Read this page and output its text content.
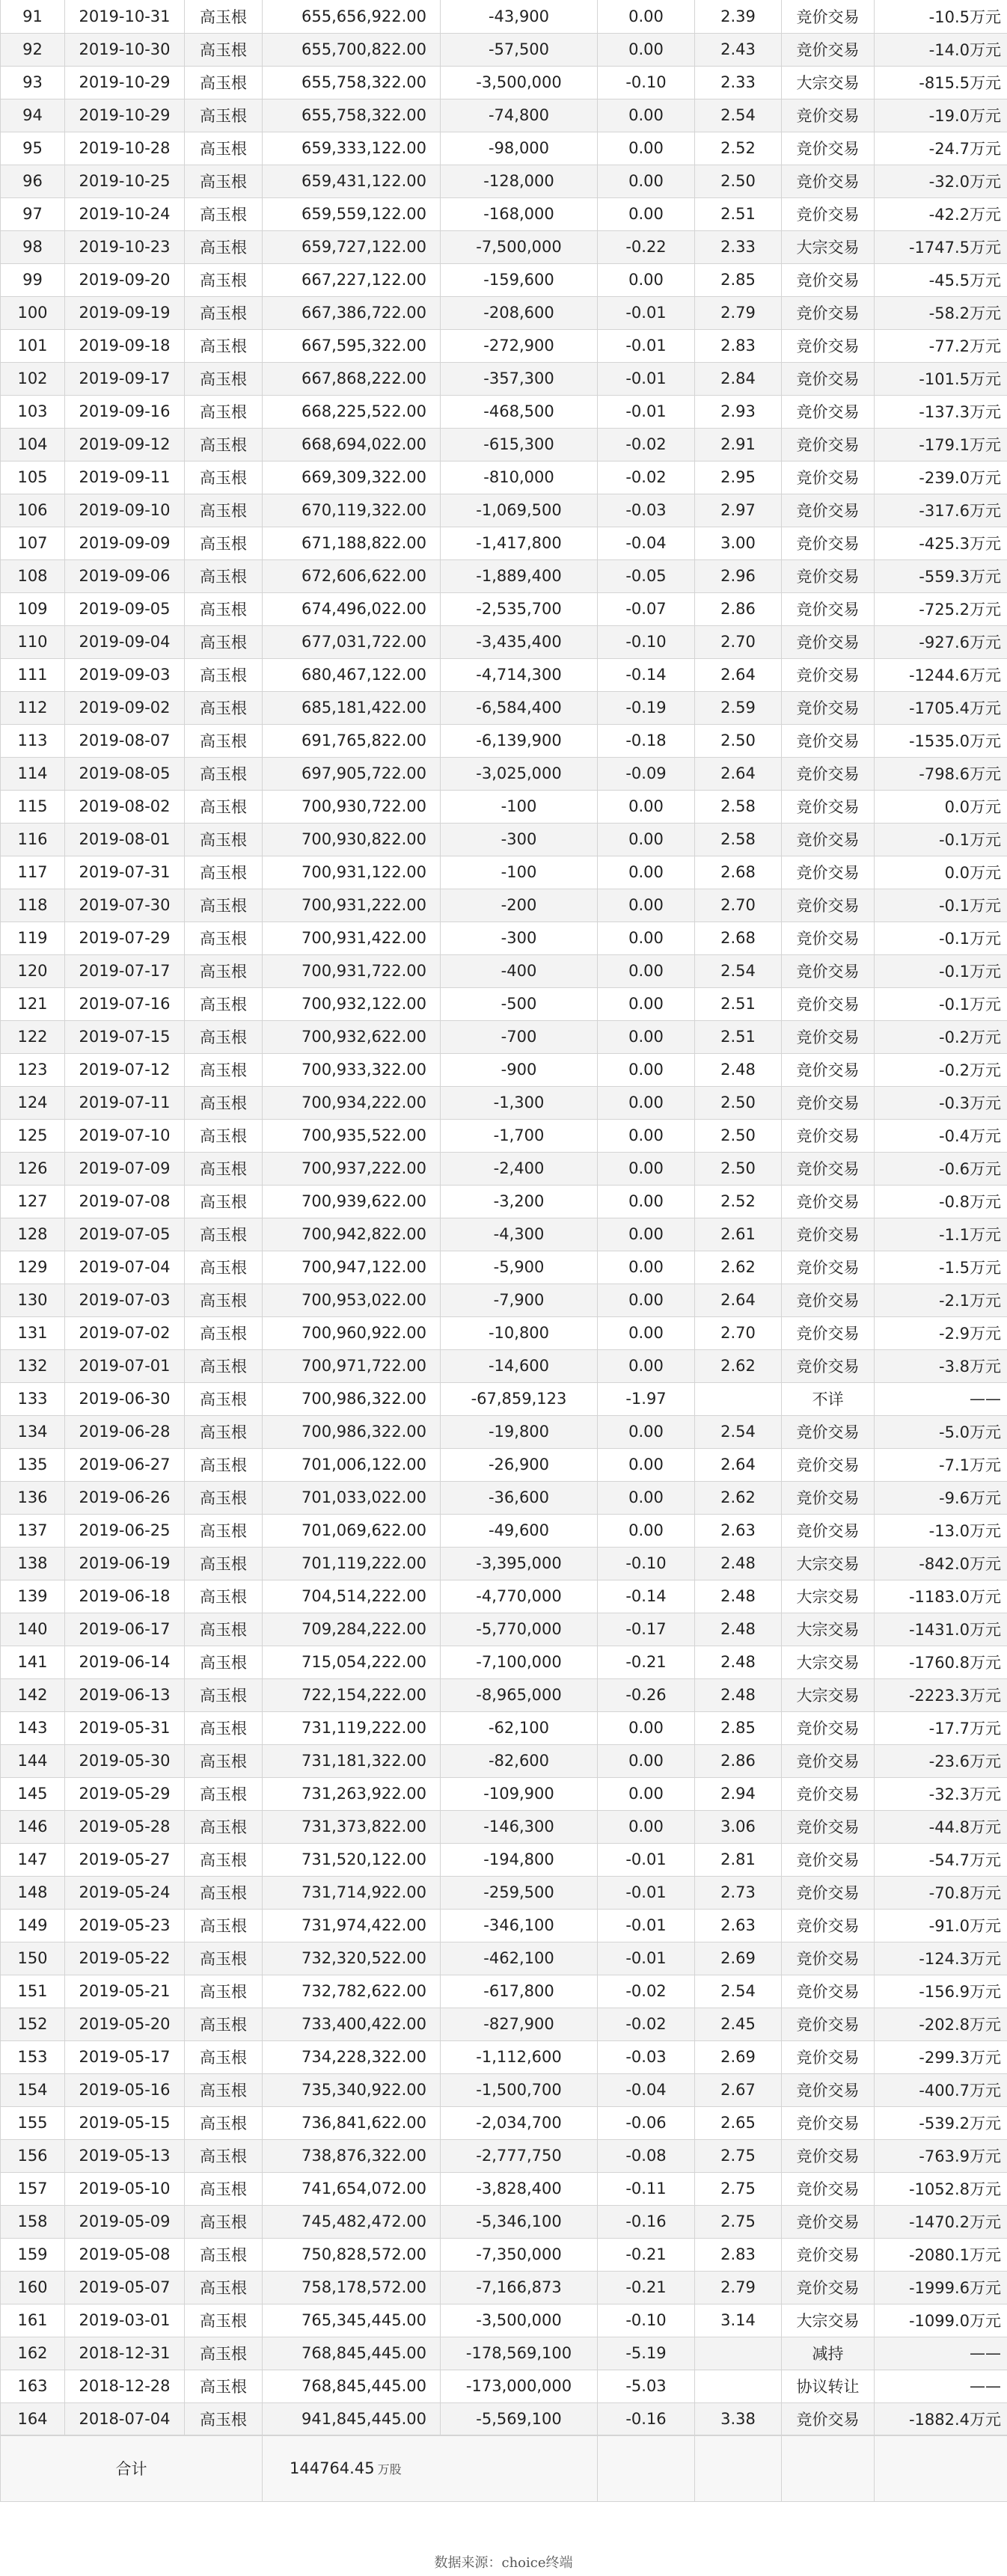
91	2019-10-31	高玉根	655,656,922.00	-43,900	0.00	2.39	竞价交易	-10.5万元
92	2019-10-30	高玉根	655,700,822.00	-57,500	0.00	2.43	竞价交易	-14.0万元
93	2019-10-29	高玉根	655,758,322.00	-3,500,000	-0.10	2.33	大宗交易	-815.5万元
94	2019-10-29	高玉根	655,758,322.00	-74,800	0.00	2.54	竞价交易	-19.0万元
95	2019-10-28	高玉根	659,333,122.00	-98,000	0.00	2.52	竞价交易	-24.7万元
96	2019-10-25	高玉根	659,431,122.00	-128,000	0.00	2.50	竞价交易	-32.0万元
97	2019-10-24	高玉根	659,559,122.00	-168,000	0.00	2.51	竞价交易	-42.2万元
98	2019-10-23	高玉根	659,727,122.00	-7,500,000	-0.22	2.33	大宗交易	-1747.5万元
99	2019-09-20	高玉根	667,227,122.00	-159,600	0.00	2.85	竞价交易	-45.5万元
100	2019-09-19	高玉根	667,386,722.00	-208,600	-0.01	2.79	竞价交易	-58.2万元
101	2019-09-18	高玉根	667,595,322.00	-272,900	-0.01	2.83	竞价交易	-77.2万元
102	2019-09-17	高玉根	667,868,222.00	-357,300	-0.01	2.84	竞价交易	-101.5万元
103	2019-09-16	高玉根	668,225,522.00	-468,500	-0.01	2.93	竞价交易	-137.3万元
104	2019-09-12	高玉根	668,694,022.00	-615,300	-0.02	2.91	竞价交易	-179.1万元
105	2019-09-11	高玉根	669,309,322.00	-810,000	-0.02	2.95	竞价交易	-239.0万元
106	2019-09-10	高玉根	670,119,322.00	-1,069,500	-0.03	2.97	竞价交易	-317.6万元
107	2019-09-09	高玉根	671,188,822.00	-1,417,800	-0.04	3.00	竞价交易	-425.3万元
108	2019-09-06	高玉根	672,606,622.00	-1,889,400	-0.05	2.96	竞价交易	-559.3万元
109	2019-09-05	高玉根	674,496,022.00	-2,535,700	-0.07	2.86	竞价交易	-725.2万元
110	2019-09-04	高玉根	677,031,722.00	-3,435,400	-0.10	2.70	竞价交易	-927.6万元
111	2019-09-03	高玉根	680,467,122.00	-4,714,300	-0.14	2.64	竞价交易	-1244.6万元
112	2019-09-02	高玉根	685,181,422.00	-6,584,400	-0.19	2.59	竞价交易	-1705.4万元
113	2019-08-07	高玉根	691,765,822.00	-6,139,900	-0.18	2.50	竞价交易	-1535.0万元
114	2019-08-05	高玉根	697,905,722.00	-3,025,000	-0.09	2.64	竞价交易	-798.6万元
115	2019-08-02	高玉根	700,930,722.00	-100	0.00	2.58	竞价交易	0.0万元
116	2019-08-01	高玉根	700,930,822.00	-300	0.00	2.58	竞价交易	-0.1万元
117	2019-07-31	高玉根	700,931,122.00	-100	0.00	2.68	竞价交易	0.0万元
118	2019-07-30	高玉根	700,931,222.00	-200	0.00	2.70	竞价交易	-0.1万元
119	2019-07-29	高玉根	700,931,422.00	-300	0.00	2.68	竞价交易	-0.1万元
120	2019-07-17	高玉根	700,931,722.00	-400	0.00	2.54	竞价交易	-0.1万元
121	2019-07-16	高玉根	700,932,122.00	-500	0.00	2.51	竞价交易	-0.1万元
122	2019-07-15	高玉根	700,932,622.00	-700	0.00	2.51	竞价交易	-0.2万元
123	2019-07-12	高玉根	700,933,322.00	-900	0.00	2.48	竞价交易	-0.2万元
124	2019-07-11	高玉根	700,934,222.00	-1,300	0.00	2.50	竞价交易	-0.3万元
125	2019-07-10	高玉根	700,935,522.00	-1,700	0.00	2.50	竞价交易	-0.4万元
126	2019-07-09	高玉根	700,937,222.00	-2,400	0.00	2.50	竞价交易	-0.6万元
127	2019-07-08	高玉根	700,939,622.00	-3,200	0.00	2.52	竞价交易	-0.8万元
128	2019-07-05	高玉根	700,942,822.00	-4,300	0.00	2.61	竞价交易	-1.1万元
129	2019-07-04	高玉根	700,947,122.00	-5,900	0.00	2.62	竞价交易	-1.5万元
130	2019-07-03	高玉根	700,953,022.00	-7,900	0.00	2.64	竞价交易	-2.1万元
131	2019-07-02	高玉根	700,960,922.00	-10,800	0.00	2.70	竞价交易	-2.9万元
132	2019-07-01	高玉根	700,971,722.00	-14,600	0.00	2.62	竞价交易	-3.8万元
133	2019-06-30	高玉根	700,986,322.00	-67,859,123	-1.97		不详	——
134	2019-06-28	高玉根	700,986,322.00	-19,800	0.00	2.54	竞价交易	-5.0万元
135	2019-06-27	高玉根	701,006,122.00	-26,900	0.00	2.64	竞价交易	-7.1万元
136	2019-06-26	高玉根	701,033,022.00	-36,600	0.00	2.62	竞价交易	-9.6万元
137	2019-06-25	高玉根	701,069,622.00	-49,600	0.00	2.63	竞价交易	-13.0万元
138	2019-06-19	高玉根	701,119,222.00	-3,395,000	-0.10	2.48	大宗交易	-842.0万元
139	2019-06-18	高玉根	704,514,222.00	-4,770,000	-0.14	2.48	大宗交易	-1183.0万元
140	2019-06-17	高玉根	709,284,222.00	-5,770,000	-0.17	2.48	大宗交易	-1431.0万元
141	2019-06-14	高玉根	715,054,222.00	-7,100,000	-0.21	2.48	大宗交易	-1760.8万元
142	2019-06-13	高玉根	722,154,222.00	-8,965,000	-0.26	2.48	大宗交易	-2223.3万元
143	2019-05-31	高玉根	731,119,222.00	-62,100	0.00	2.85	竞价交易	-17.7万元
144	2019-05-30	高玉根	731,181,322.00	-82,600	0.00	2.86	竞价交易	-23.6万元
145	2019-05-29	高玉根	731,263,922.00	-109,900	0.00	2.94	竞价交易	-32.3万元
146	2019-05-28	高玉根	731,373,822.00	-146,300	0.00	3.06	竞价交易	-44.8万元
147	2019-05-27	高玉根	731,520,122.00	-194,800	-0.01	2.81	竞价交易	-54.7万元
148	2019-05-24	高玉根	731,714,922.00	-259,500	-0.01	2.73	竞价交易	-70.8万元
149	2019-05-23	高玉根	731,974,422.00	-346,100	-0.01	2.63	竞价交易	-91.0万元
150	2019-05-22	高玉根	732,320,522.00	-462,100	-0.01	2.69	竞价交易	-124.3万元
151	2019-05-21	高玉根	732,782,622.00	-617,800	-0.02	2.54	竞价交易	-156.9万元
152	2019-05-20	高玉根	733,400,422.00	-827,900	-0.02	2.45	竞价交易	-202.8万元
153	2019-05-17	高玉根	734,228,322.00	-1,112,600	-0.03	2.69	竞价交易	-299.3万元
154	2019-05-16	高玉根	735,340,922.00	-1,500,700	-0.04	2.67	竞价交易	-400.7万元
155	2019-05-15	高玉根	736,841,622.00	-2,034,700	-0.06	2.65	竞价交易	-539.2万元
156	2019-05-13	高玉根	738,876,322.00	-2,777,750	-0.08	2.75	竞价交易	-763.9万元
157	2019-05-10	高玉根	741,654,072.00	-3,828,400	-0.11	2.75	竞价交易	-1052.8万元
158	2019-05-09	高玉根	745,482,472.00	-5,346,100	-0.16	2.75	竞价交易	-1470.2万元
159	2019-05-08	高玉根	750,828,572.00	-7,350,000	-0.21	2.83	竞价交易	-2080.1万元
160	2019-05-07	高玉根	758,178,572.00	-7,166,873	-0.21	2.79	竞价交易	-1999.6万元
161	2019-03-01	高玉根	765,345,445.00	-3,500,000	-0.10	3.14	大宗交易	-1099.0万元
162	2018-12-31	高玉根	768,845,445.00	-178,569,100	-5.19		减持	——
163	2018-12-28	高玉根	768,845,445.00	-173,000,000	-5.03		协议转让	——
164	2018-07-04	高玉根	941,845,445.00	-5,569,100	-0.16	3.38	竞价交易	-1882.4万元
合计			144764.45 万股					
数据来源：choice终端
